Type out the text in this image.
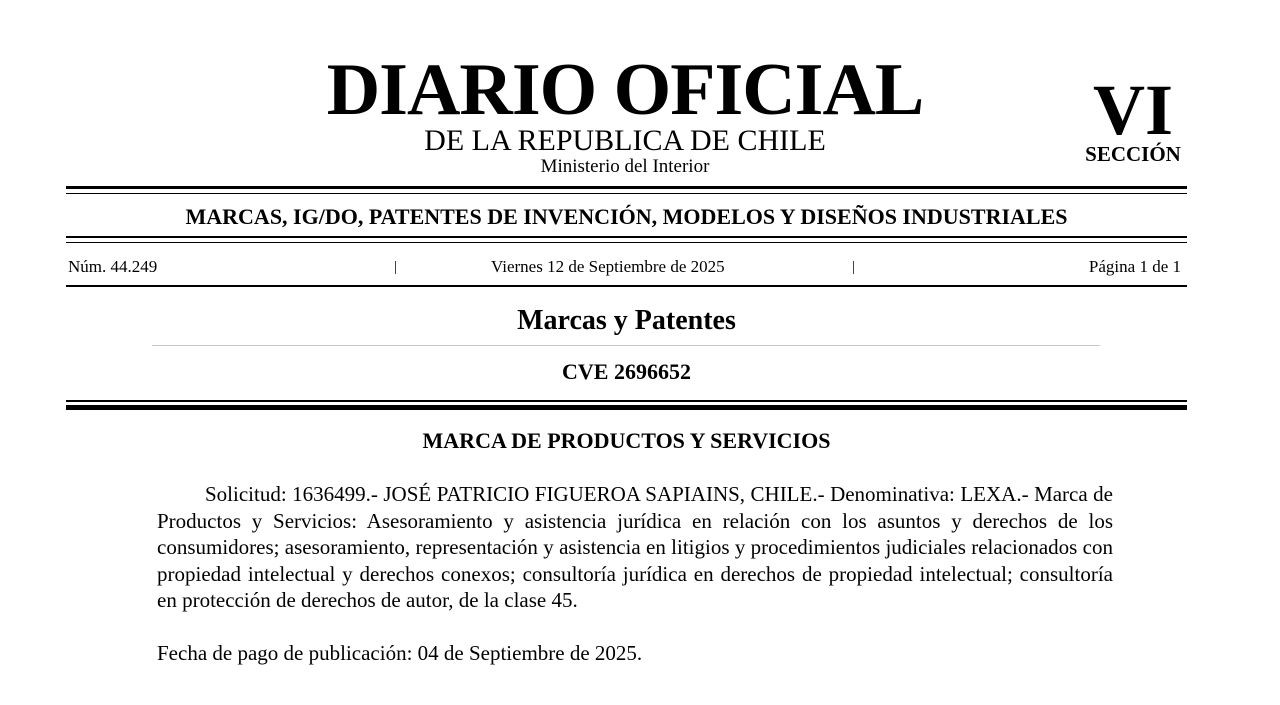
DIARIO OFICIAL
DE LA REPUBLICA DE CHILE
Ministerio del Interior
VI
SECCIÓN
MARCAS, IG/DO, PATENTES DE INVENCIÓN, MODELOS Y DISEÑOS INDUSTRIALES
Núm. 44.249	|	Viernes 12 de Septiembre de 2025	|	Página 1 de 1
Marcas y Patentes
CVE 2696652
MARCA DE PRODUCTOS Y SERVICIOS

Solicitud: 1636499.- JOSÉ PATRICIO FIGUEROA SAPIAINS, CHILE.- Denominativa: LEXA.- Marca de Productos y Servicios: Asesoramiento y asistencia jurídica en relación con los asuntos y derechos de los consumidores; asesoramiento, representación y asistencia en litigios y procedimientos judiciales relacionados con propiedad intelectual y derechos conexos; consultoría jurídica en derechos de propiedad intelectual; consultoría en protección de derechos de autor, de la clase 45.

Fecha de pago de publicación: 04 de Septiembre de 2025.
